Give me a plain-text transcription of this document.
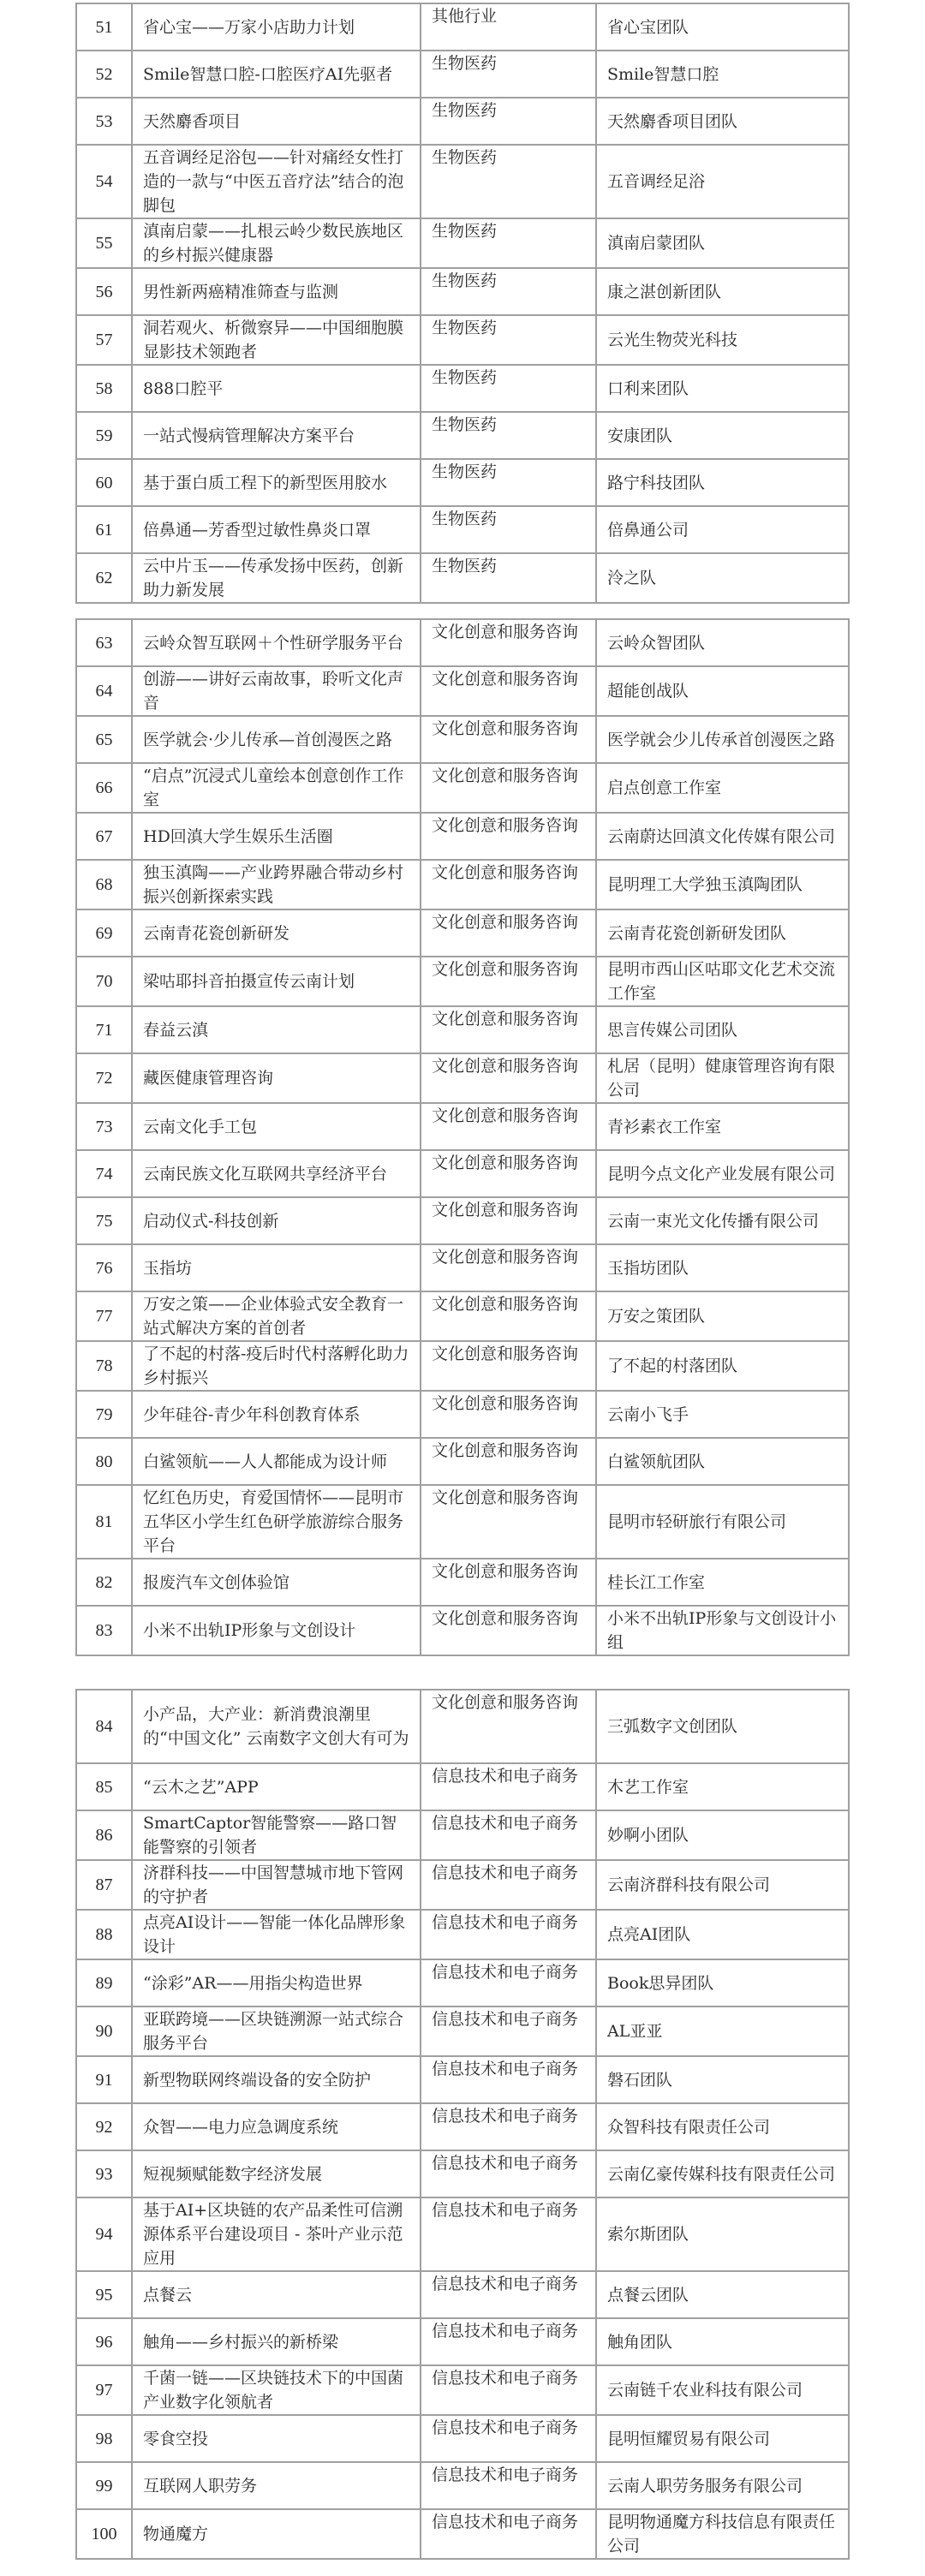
51	省心宝——万家小店助力计划	其他行业	省心宝团队
52	Smile智慧口腔-口腔医疗AI先驱者	生物医药	Smile智慧口腔
53	天然麝香项目	生物医药	天然麝香项目团队
54	五音调经足浴包——针对痛经女性打造的一款与“中医五音疗法”结合的泡脚包	生物医药	五音调经足浴
55	滇南启蒙——扎根云岭少数民族地区的乡村振兴健康器	生物医药	滇南启蒙团队
56	男性新两癌精准筛查与监测	生物医药	康之湛创新团队
57	洞若观火、析微察异——中国细胞膜显影技术领跑者	生物医药	云光生物荧光科技
58	888口腔平	生物医药	口利来团队
59	一站式慢病管理解决方案平台	生物医药	安康团队
60	基于蛋白质工程下的新型医用胶水	生物医药	路宁科技团队
61	倍鼻通—芳香型过敏性鼻炎口罩	生物医药	倍鼻通公司
62	云中片玉——传承发扬中医药，创新助力新发展	生物医药	泠之队
63	云岭众智互联网＋个性研学服务平台	文化创意和服务咨询	云岭众智团队
64	创游——讲好云南故事，聆听文化声音	文化创意和服务咨询	超能创战队
65	医学就会·少儿传承—首创漫医之路	文化创意和服务咨询	医学就会少儿传承首创漫医之路
66	“启点”沉浸式儿童绘本创意创作工作室	文化创意和服务咨询	启点创意工作室
67	HD回滇大学生娱乐生活圈	文化创意和服务咨询	云南蔚达回滇文化传媒有限公司
68	独玉滇陶——产业跨界融合带动乡村振兴创新探索实践	文化创意和服务咨询	昆明理工大学独玉滇陶团队
69	云南青花瓷创新研发	文化创意和服务咨询	云南青花瓷创新研发团队
70	梁咕耶抖音拍摄宣传云南计划	文化创意和服务咨询	昆明市西山区咕耶文化艺术交流工作室
71	春益云滇	文化创意和服务咨询	思言传媒公司团队
72	藏医健康管理咨询	文化创意和服务咨询	札居（昆明）健康管理咨询有限公司
73	云南文化手工包	文化创意和服务咨询	青衫素衣工作室
74	云南民族文化互联网共享经济平台	文化创意和服务咨询	昆明今点文化产业发展有限公司
75	启动仪式-科技创新	文化创意和服务咨询	云南一束光文化传播有限公司
76	玉指坊	文化创意和服务咨询	玉指坊团队
77	万安之策——企业体验式安全教育一站式解决方案的首创者	文化创意和服务咨询	万安之策团队
78	了不起的村落-疫后时代村落孵化助力乡村振兴	文化创意和服务咨询	了不起的村落团队
79	少年硅谷-青少年科创教育体系	文化创意和服务咨询	云南小飞手
80	白鲨领航——人人都能成为设计师	文化创意和服务咨询	白鲨领航团队
81	忆红色历史，育爱国情怀——昆明市五华区小学生红色研学旅游综合服务平台	文化创意和服务咨询	昆明市轻研旅行有限公司
82	报废汽车文创体验馆	文化创意和服务咨询	桂长江工作室
83	小米不出轨IP形象与文创设计	文化创意和服务咨询	小米不出轨IP形象与文创设计小组
84	小产品，大产业：新消费浪潮里的“中国文化” 云南数字文创大有可为	文化创意和服务咨询	三弧数字文创团队
85	“云木之艺”APP	信息技术和电子商务	木艺工作室
86	SmartCaptor智能警察——路口智能警察的引领者	信息技术和电子商务	妙啊小团队
87	济群科技——中国智慧城市地下管网的守护者	信息技术和电子商务	云南济群科技有限公司
88	点亮AI设计——智能一体化品牌形象设计	信息技术和电子商务	点亮AI团队
89	“涂彩”AR——用指尖构造世界	信息技术和电子商务	Book思异团队
90	亚联跨境——区块链溯源一站式综合服务平台	信息技术和电子商务	AL亚亚
91	新型物联网终端设备的安全防护	信息技术和电子商务	磐石团队
92	众智——电力应急调度系统	信息技术和电子商务	众智科技有限责任公司
93	短视频赋能数字经济发展	信息技术和电子商务	云南亿豪传媒科技有限责任公司
94	基于AI+区块链的农产品柔性可信溯源体系平台建设项目 - 茶叶产业示范应用	信息技术和电子商务	索尔斯团队
95	点餐云	信息技术和电子商务	点餐云团队
96	触角——乡村振兴的新桥梁	信息技术和电子商务	触角团队
97	千菌一链——区块链技术下的中国菌产业数字化领航者	信息技术和电子商务	云南链千农业科技有限公司
98	零食空投	信息技术和电子商务	昆明恒耀贸易有限公司
99	互联网人职劳务	信息技术和电子商务	云南人职劳务服务有限公司
100	物通魔方	信息技术和电子商务	昆明物通魔方科技信息有限责任公司
